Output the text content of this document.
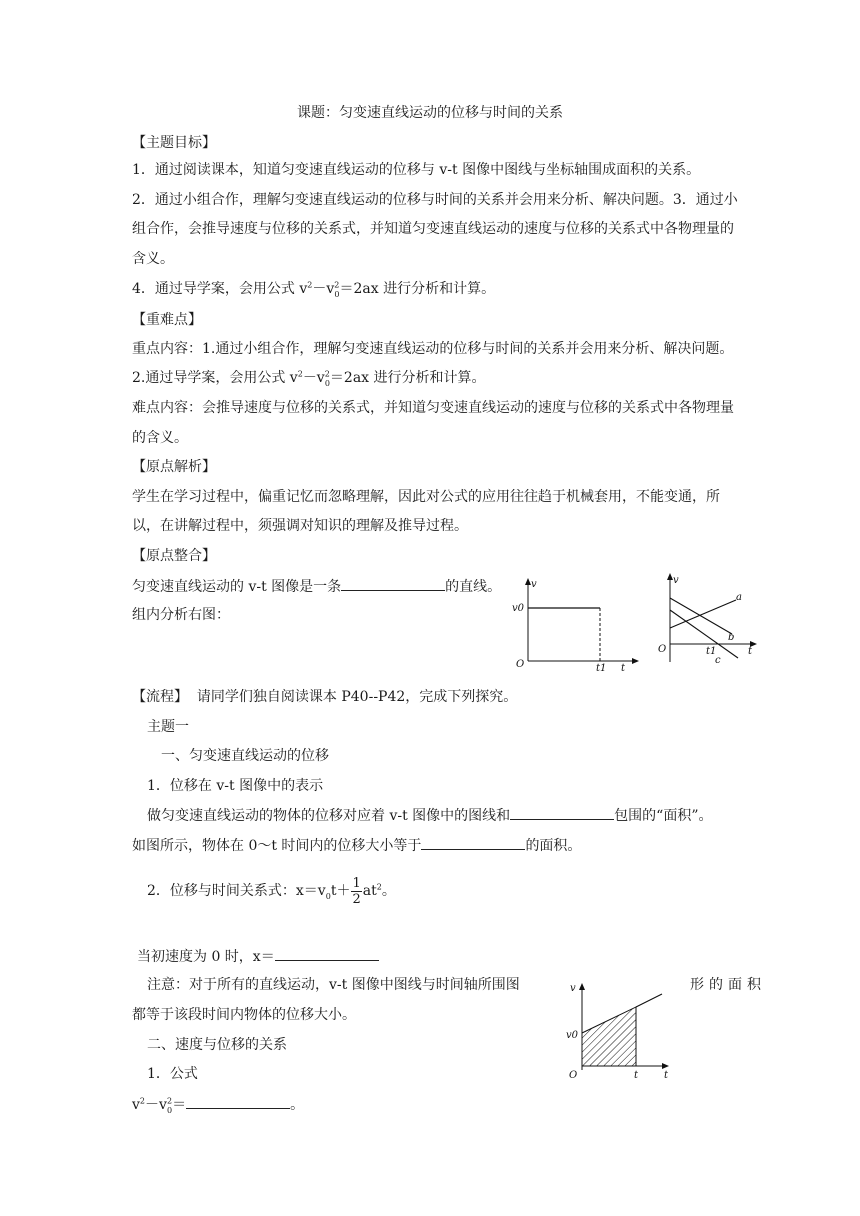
课题：匀变速直线运动的位移与时间的关系
【主题目标】
1．通过阅读课本，知道匀变速直线运动的位移与 v-t 图像中图线与坐标轴围成面积的关系。
2．通过小组合作，理解匀变速直线运动的位移与时间的关系并会用来分析、解决问题。3．通过小
组合作，会推导速度与位移的关系式，并知道匀变速直线运动的速度与位移的关系式中各物理量的
含义。
4．通过导学案，会用公式 $v^2-v^2_0=2ax$ 进行分析和计算。
【重难点】
重点内容：1.通过小组合作，理解匀变速直线运动的位移与时间的关系并会用来分析、解决问题。
2.通过导学案，会用公式 $v^2-v^2_0=2ax$ 进行分析和计算。
难点内容：会推导速度与位移的关系式，并知道匀变速直线运动的速度与位移的关系式中各物理量
的含义。
【原点解析】
学生在学习过程中，偏重记忆而忽略理解，因此对公式的应用往往趋于机械套用，不能变通，所
以，在讲解过程中，须强调对知识的理解及推导过程。
【原点整合】
匀变速直线运动的 v-t 图像是一条	的直线。
组内分析右图：
v
v0
O	t1 t
v
O
a
b
c
t1	t
【流程】 请同学们独自阅读课本 P40--P42，完成下列探究。
主题一
一、匀变速直线运动的位移
1．位移在 v-t 图像中的表示
做匀变速直线运动的物体的位移对应着 v-t 图像中的图线和	包围的“面积”。
如图所示，物体在 0～t 时间内的位移大小等于	的面积。
2．位移与时间关系式：$x=v_0t+ \frac{1}{2} at^2$。
当初速度为 0 时，x＝
注意：对于所有的直线运动，v-t 图像中图线与时间轴所围图	形的面积
都等于该段时间内物体的位移大小。
v
v0
O	t	t
二、速度与位移的关系
1．公式
$v^2-v^2_0=$	。
